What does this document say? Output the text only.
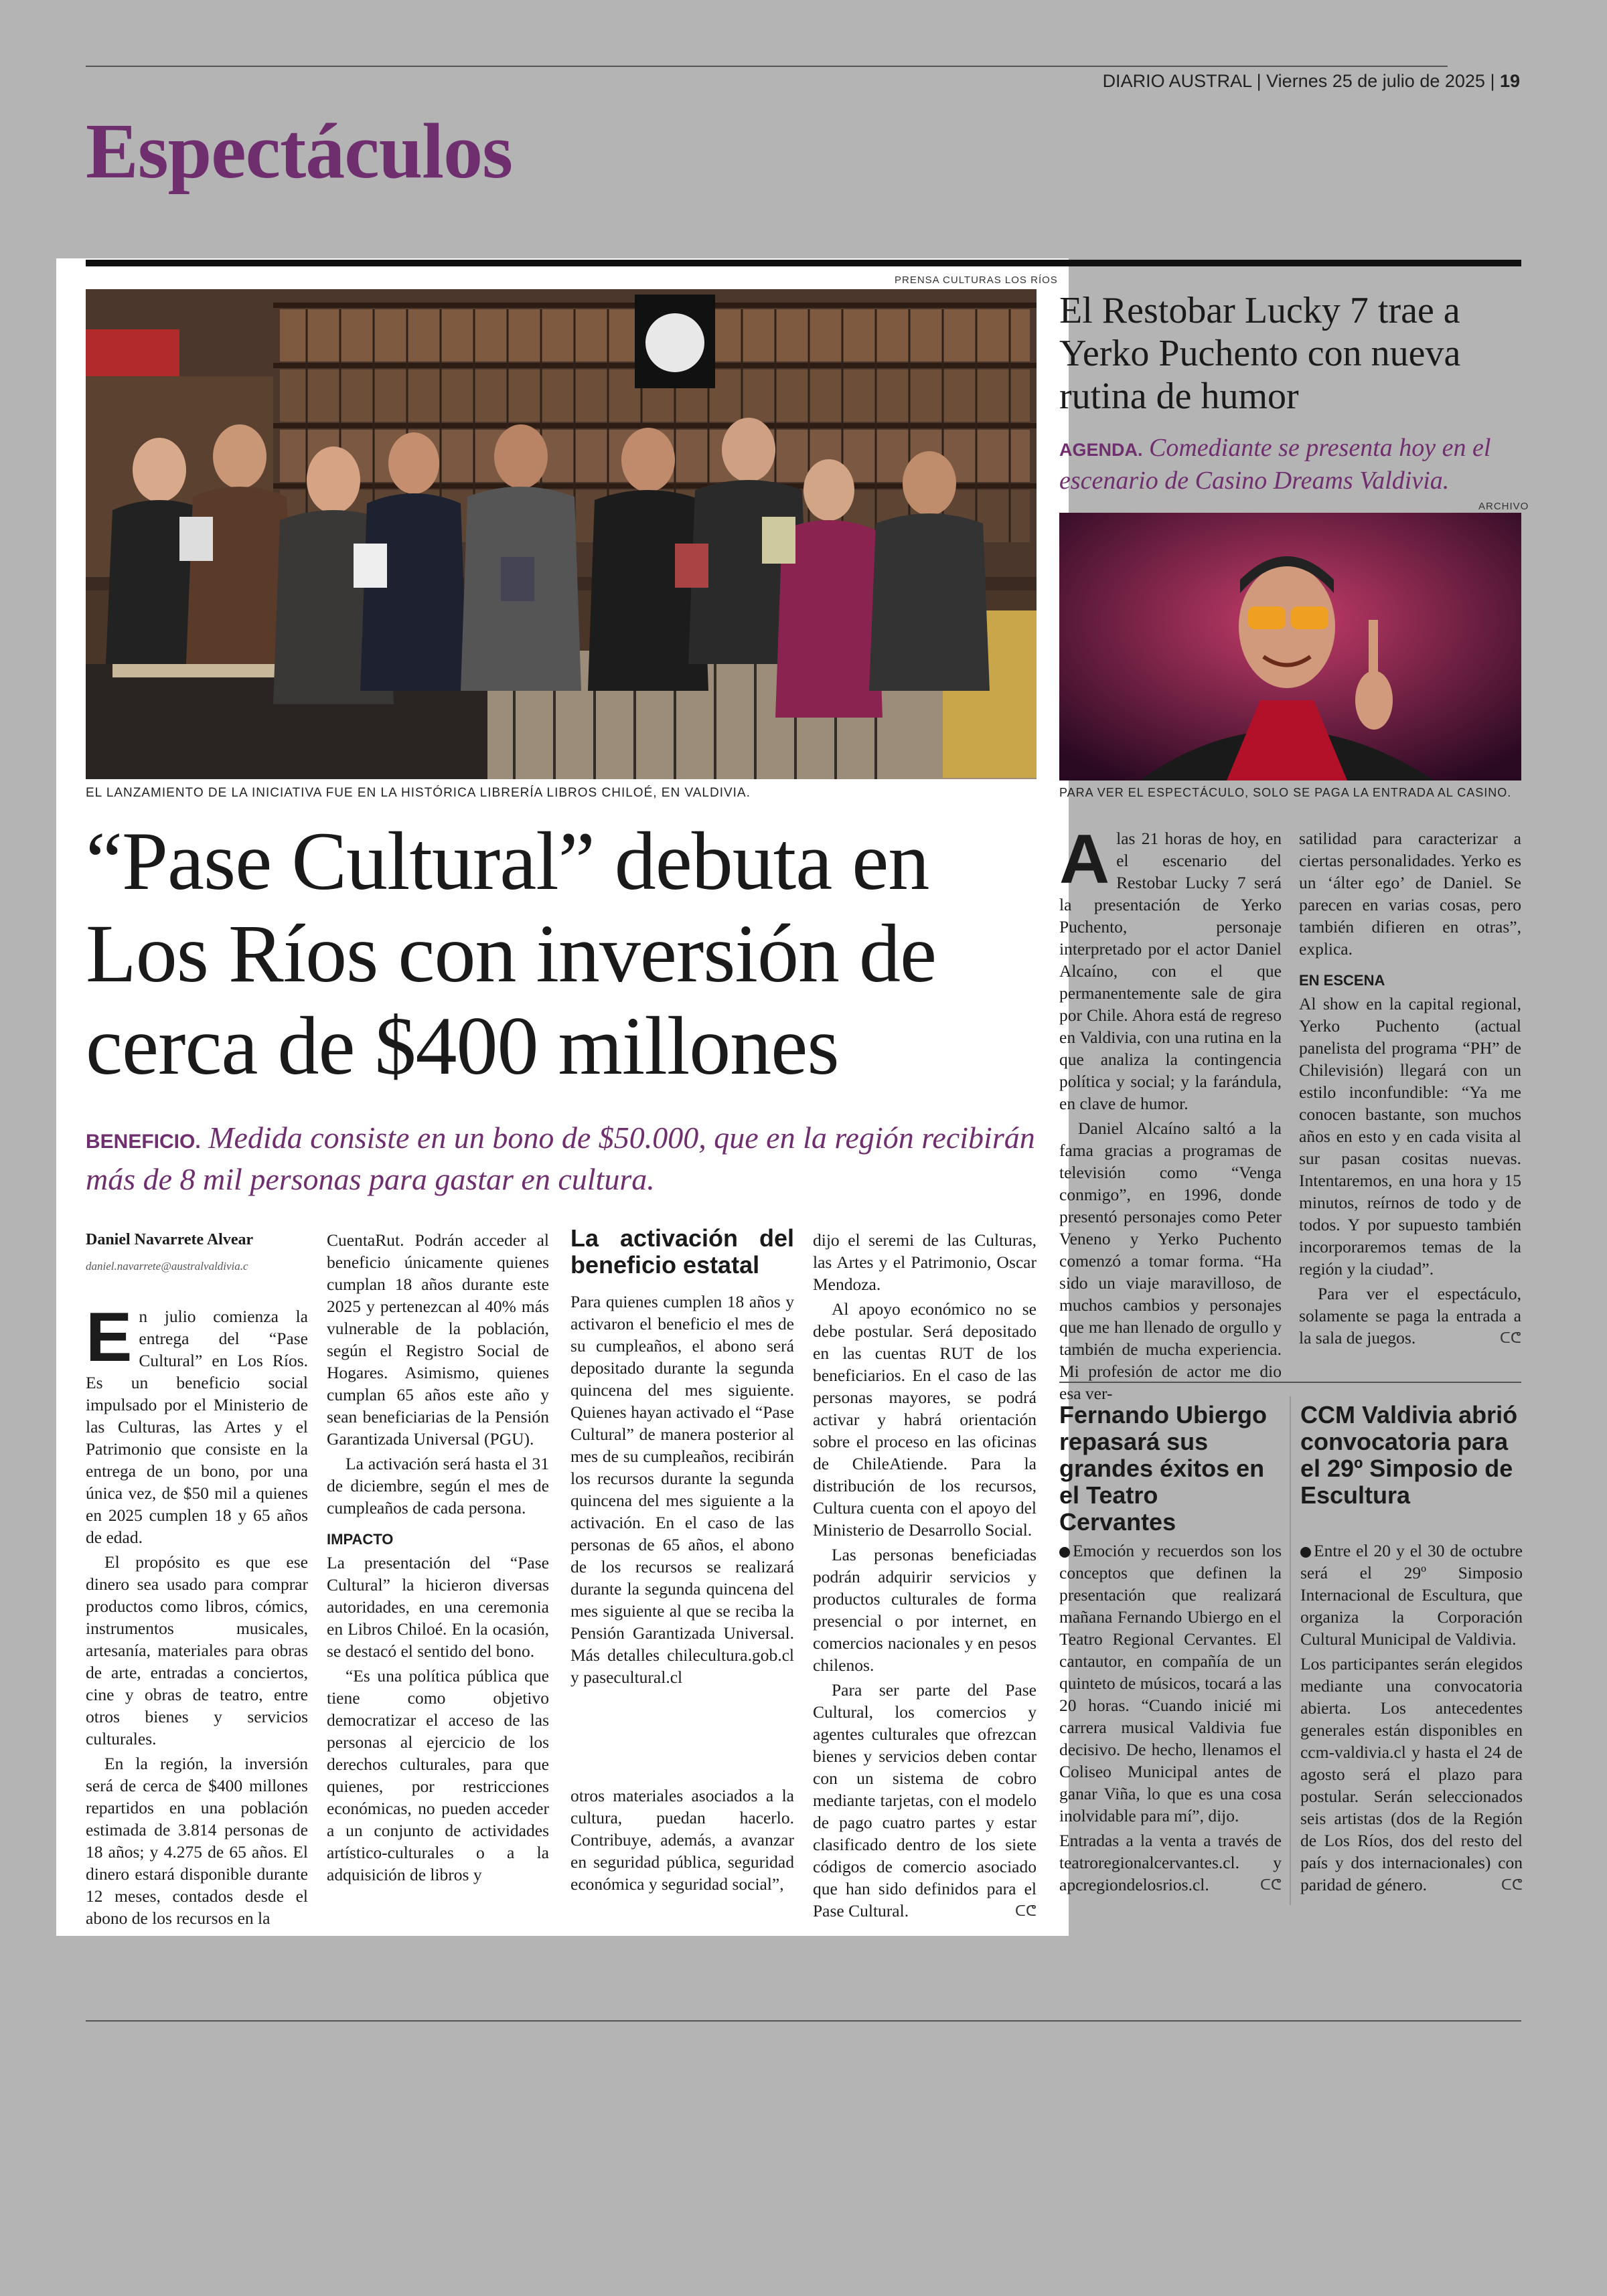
DIARIO AUSTRAL | Viernes 25 de julio de 2025 | 19
Espectáculos
PRENSA CULTURAS LOS RÍOS
EL LANZAMIENTO DE LA INICIATIVA FUE EN LA HISTÓRICA LIBRERÍA LIBROS CHILOÉ, EN VALDIVIA.
“Pase Cultural” debuta en
Los Ríos con inversión de
cerca de $400 millones
BENEFICIO. Medida consiste en un bono de $50.000, que en la región recibirán más de 8 mil personas para gastar en cultura.
Daniel Navarrete Alvear
daniel.navarrete@australvaldivia.c

En julio comienza la entrega del “Pase Cultural” en Los Ríos. Es un beneficio social impulsado por el Ministerio de las Culturas, las Artes y el Patrimonio que consiste en la entrega de un bono, por una única vez, de $50 mil a quienes en 2025 cumplen 18 y 65 años de edad.

El propósito es que ese dinero sea usado para comprar productos como libros, cómics, instrumentos musicales, artesanía, materiales para obras de arte, entradas a conciertos, cine y obras de teatro, entre otros bienes y servicios culturales.

En la región, la inversión será de cerca de $400 millones repartidos en una población estimada de 3.814 personas de 18 años; y 4.275 de 65 años. El dinero estará disponible durante 12 meses, contados desde el abono de los recursos en la

CuentaRut. Podrán acceder al beneficio únicamente quienes cumplan 18 años durante este 2025 y pertenezcan al 40% más vulnerable de la población, según el Registro Social de Hogares. Asimismo, quienes cumplan 65 años este año y sean beneficiarias de la Pensión Garantizada Universal (PGU).

La activación será hasta el 31 de diciembre, según el mes de cumpleaños de cada persona.

IMPACTO

La presentación del “Pase Cultural” la hicieron diversas autoridades, en una ceremonia en Libros Chiloé. En la ocasión, se destacó el sentido del bono.

“Es una política pública que tiene como objetivo democratizar el acceso de las personas al ejercicio de los derechos culturales, para que quienes, por restricciones económicas, no pueden acceder a un conjunto de actividades artístico-culturales o a la adquisición de libros y

La activación del beneficio estatal

Para quienes cumplen 18 años y activaron el beneficio el mes de su cumpleaños, el abono será depositado durante la segunda quincena del mes siguiente. Quienes hayan activado el “Pase Cultural” de manera posterior al mes de su cumpleaños, recibirán los recursos durante la segunda quincena del mes siguiente a la activación. En el caso de las personas de 65 años, el abono de los recursos se realizará durante la segunda quincena del mes siguiente al que se reciba la Pensión Garantizada Universal. Más detalles chilecultura.gob.cl y pasecultural.cl

otros materiales asociados a la cultura, puedan hacerlo. Contribuye, además, a avanzar en seguridad pública, seguridad económica y seguridad social”,

dijo el seremi de las Culturas, las Artes y el Patrimonio, Oscar Mendoza.

Al apoyo económico no se debe postular. Será depositado en las cuentas RUT de los beneficiarios. En el caso de las personas mayores, se podrá activar y habrá orientación sobre el proceso en las oficinas de ChileAtiende. Para la distribución de los recursos, Cultura cuenta con el apoyo del Ministerio de Desarrollo Social.

Las personas beneficiadas podrán adquirir servicios y productos culturales de forma presencial o por internet, en comercios nacionales y en pesos chilenos.

Para ser parte del Pase Cultural, los comercios y agentes culturales que ofrezcan bienes y servicios deben contar con un sistema de cobro mediante tarjetas, con el modelo de pago cuatro partes y estar clasificado dentro de los siete códigos de comercio asociado que han sido definidos para el Pase Cultural.	ᑕᕦ

El Restobar Lucky 7 trae a Yerko Puchento con nueva rutina de humor
AGENDA. Comediante se presenta hoy en el escenario de Casino Dreams Valdivia.
ARCHIVO
PARA VER EL ESPECTÁCULO, SOLO SE PAGA LA ENTRADA AL CASINO.

Alas 21 horas de hoy, en el escenario del Restobar Lucky 7 será la presentación de Yerko Puchento, personaje interpretado por el actor Daniel Alcaíno, con el que permanentemente sale de gira por Chile. Ahora está de regreso en Valdivia, con una rutina en la que analiza la contingencia política y social; y la farándula, en clave de humor.

Daniel Alcaíno saltó a la fama gracias a programas de televisión como “Venga conmigo”, en 1996, donde presentó personajes como Peter Veneno y Yerko Puchento comenzó a tomar forma. “Ha sido un viaje maravilloso, de muchos cambios y personajes que me han llenado de orgullo y también de mucha experiencia. Mi profesión de actor me dio esa ver-

satilidad para caracterizar a ciertas personalidades. Yerko es un ‘álter ego’ de Daniel. Se parecen en varias cosas, pero también difieren en otras”, explica.

EN ESCENA

Al show en la capital regional, Yerko Puchento (actual panelista del programa “PH” de Chilevisión) llegará con un estilo inconfundible: “Ya me conocen bastante, son muchos años en esto y en cada visita al sur pasan cositas nuevas. Intentaremos, en una hora y 15 minutos, reírnos de todo y de todos. Y por supuesto también incorporaremos temas de la región y la ciudad”.

Para ver el espectáculo, solamente se paga la entrada a la sala de juegos.	ᑕᕦ

Fernando Ubiergo repasará sus grandes éxitos en el Teatro Cervantes

Emoción y recuerdos son los conceptos que definen la presentación que realizará mañana Fernando Ubiergo en el Teatro Regional Cervantes. El cantautor, en compañía de un quinteto de músicos, tocará a las 20 horas. “Cuando inicié mi carrera musical Valdivia fue decisivo. De hecho, llenamos el Coliseo Municipal antes de ganar Viña, lo que es una cosa inolvidable para mí”, dijo.

Entradas a la venta a través de teatroregionalcervantes.cl. y apcregiondelosrios.cl.	ᑕᕦ

CCM Valdivia abrió convocatoria para el 29º Simposio de Escultura

Entre el 20 y el 30 de octubre será el 29º Simposio Internacional de Escultura, que organiza la Corporación Cultural Municipal de Valdivia.

Los participantes serán elegidos mediante una convocatoria abierta. Los antecedentes generales están disponibles en ccm-valdivia.cl y hasta el 24 de agosto será el plazo para postular. Serán seleccionados seis artistas (dos de la Región de Los Ríos, dos del resto del país y dos internacionales) con paridad de género.	ᑕᕦ
